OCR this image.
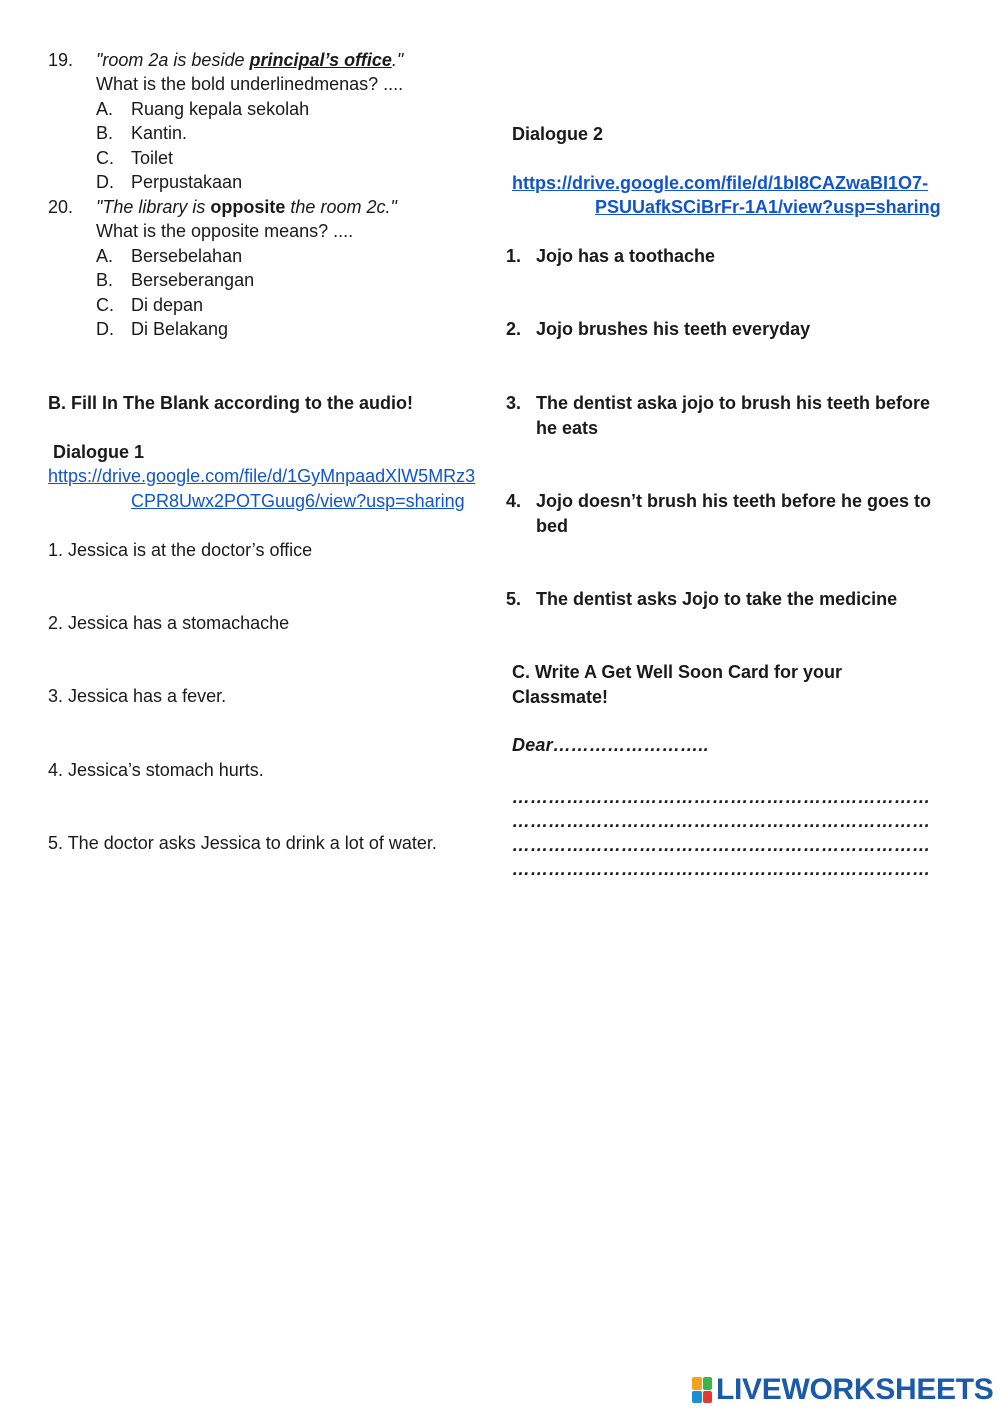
19. "room 2a is beside principal’s office."
What is the bold underlinedmenas? ....
A. Ruang kepala sekolah
B. Kantin.
C. Toilet
D. Perpustakaan
20. "The library is opposite the room 2c."
What is the opposite means? ....
A. Bersebelahan
B. Berseberangan
C. Di depan
D. Di Belakang
B. Fill In The Blank according to the audio!
Dialogue 1
https://drive.google.com/file/d/1GyMnpaadXlW5MRz3
CPR8Uwx2POTGuug6/view?usp=sharing
1. Jessica is at the doctor’s office
2. Jessica has a stomachache
3. Jessica has a fever.
4. Jessica’s stomach hurts.
5. The doctor asks Jessica to drink a lot of water.
Dialogue 2
https://drive.google.com/file/d/1bI8CAZwaBI1O7-
PSUUafkSCiBrFr-1A1/view?usp=sharing
1. Jojo has a toothache
2. Jojo brushes his teeth everyday
3. The dentist aska jojo to brush his teeth before he eats
4. Jojo doesn’t brush his teeth before he goes to bed
5. The dentist asks Jojo to take the medicine
C. Write A Get Well Soon Card for your Classmate!
Dear……………………..
……………………………………………………………
……………………………………………………………
……………………………………………………………
……………………………………………………………
LIVEWORKSHEETS
